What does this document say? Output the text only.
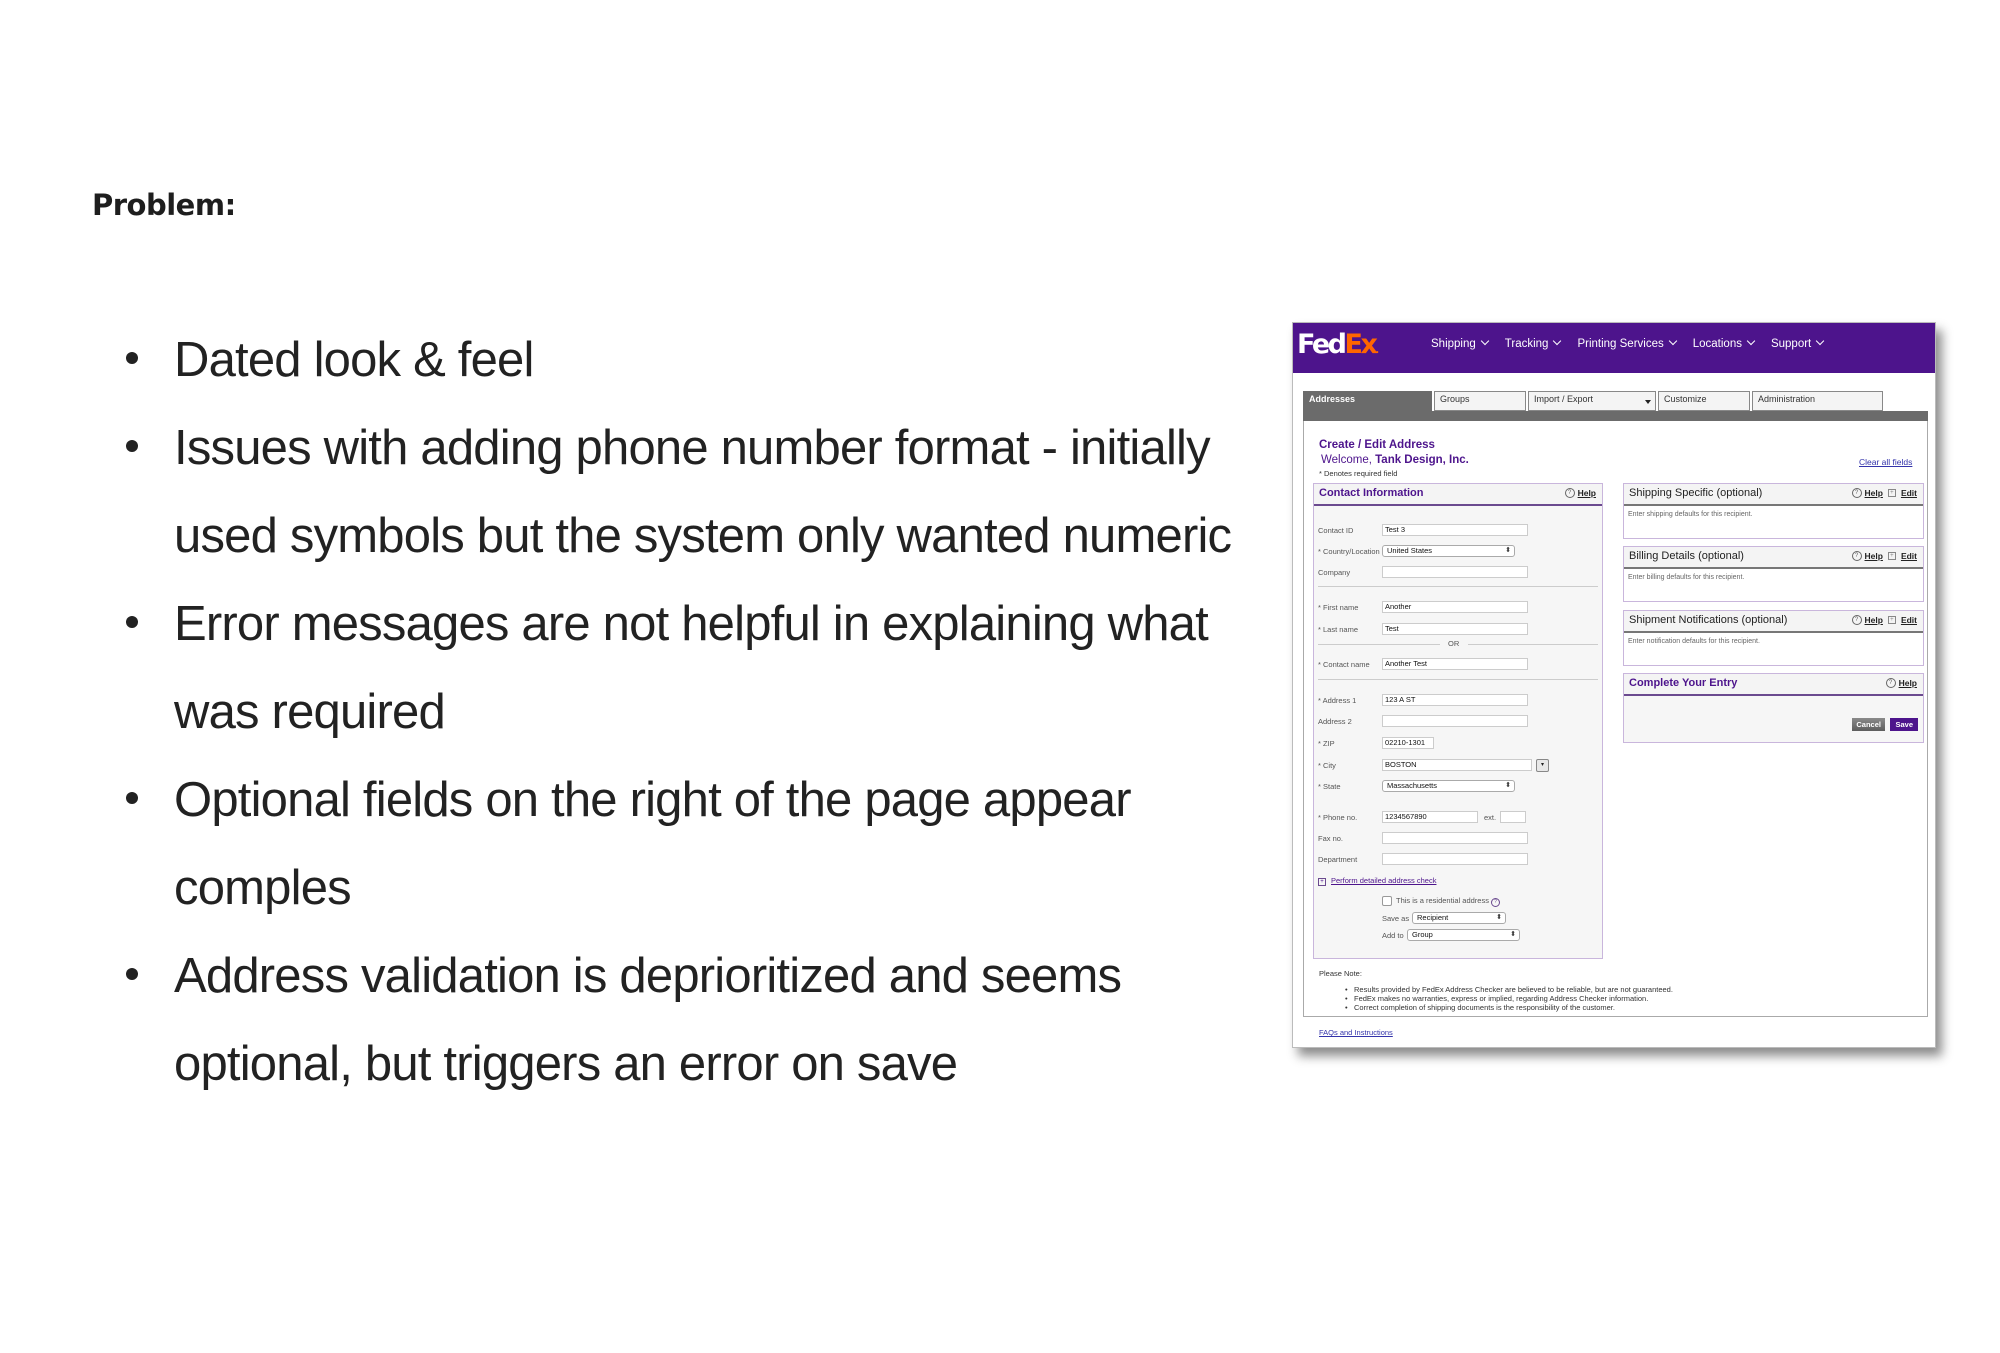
Problem:
Dated look & feel
Issues with adding phone number format - initially used symbols but the system only wanted numeric
Error messages are not helpful in explaining what was required
Optional fields on the right of the page appear comples
Address validation is deprioritized and seems optional, but triggers an error on save
FedEx.
Shipping	Tracking	Printing Services	Locations	Support
Addresses	Groups	Import / Export	Customize	Administration
Create / Edit Address
Welcome, Tank Design, Inc.
* Denotes required field
Clear all fields
Contact Information	? Help
Contact ID	Test 3
* Country/Location United States	⬍
Company
* First name	Another
* Last name	Test
OR
* Contact name	Another Test
* Address 1	123 A ST
Address 2
* ZIP	02210-1301
* City	BOSTON	▾
* State	Massachusetts	⬍
* Phone no.	1234567890	ext.
Fax no.
Department
+ Perform detailed address check
This is a residential address ?
Save as	Recipient	⬍
Add to	Group	⬍
Shipping Specific (optional)	? Help	+ Edit
Enter shipping defaults for this recipient.
Billing Details (optional)	? Help	+ Edit
Enter billing defaults for this recipient.
Shipment Notifications (optional)	? Help	+ Edit
Enter notification defaults for this recipient.
Complete Your Entry	? Help
Cancel	Save
Please Note:
• Results provided by FedEx Address Checker are believed to be reliable, but are not guaranteed.
• FedEx makes no warranties, express or implied, regarding Address Checker information.
• Correct completion of shipping documents is the responsibility of the customer.
FAQs and Instructions
